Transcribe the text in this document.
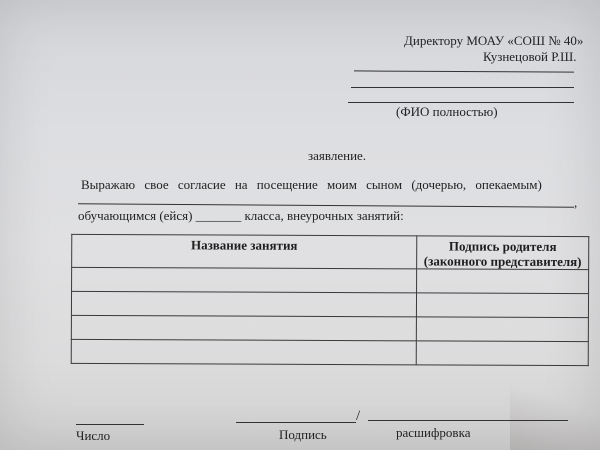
Директору МОАУ «СОШ № 40»
Кузнецовой Р.Ш.
(ФИО полностью)
заявление.
Выражаю свое согласие на посещение моим сыном (дочерью, опекаемым)
,
обучающимся (ейся) _______ класса, внеурочных занятий:
Название занятия	Подпись родителя
(законного представителя)

/
Число	Подпись	расшифровка
